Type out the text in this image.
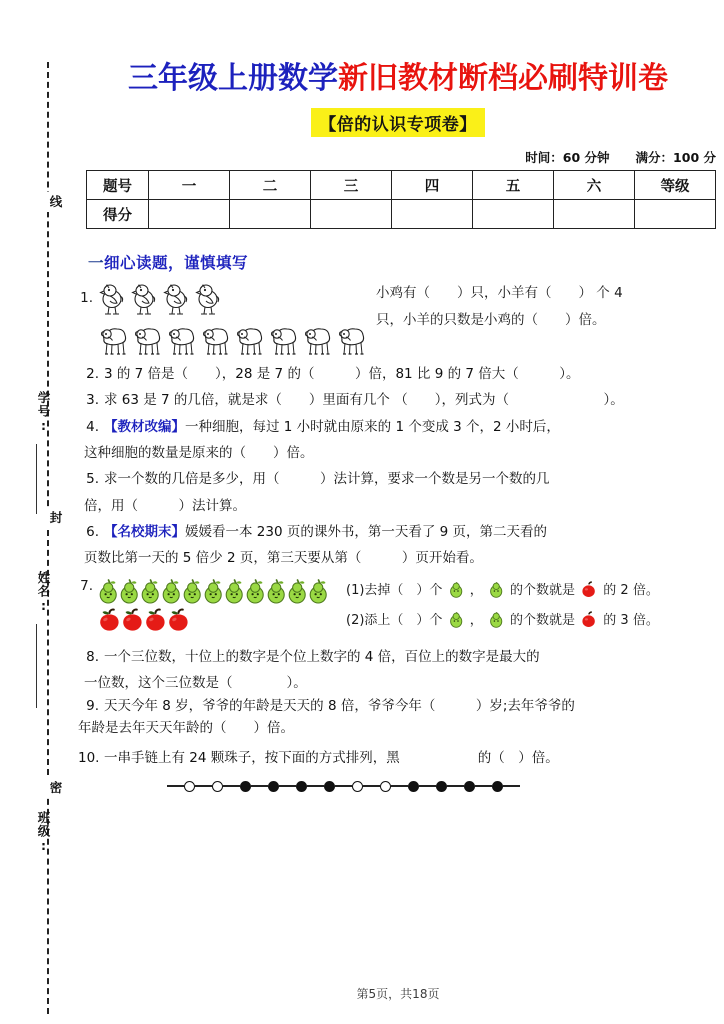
线
封
密
学号:
姓名:
班级:
三年级上册数学新旧教材断档必刷特训卷
【倍的认识专项卷】
时间：60 分钟 满分：100 分
题号	一	二	三	四	五	六	等级
得分							
一细心读题，谨慎填写
1.	小鸡有（　　）只，小羊有（　　） 个 4
只，小羊的只数是小鸡的（　　）倍。
2. 3 的 7 倍是（　　），28 是 7 的（　　　）倍，81 比 9 的 7 倍大（　　　）。
3. 求 63 是 7 的几倍，就是求（　　）里面有几个 （　　），列式为（　　　　　　　）。
4. 【教材改编】一种细胞，每过 1 小时就由原来的 1 个变成 3 个，2 小时后，
这种细胞的数量是原来的（　　）倍。
5. 求一个数的几倍是多少，用（　　　）法计算，要求一个数是另一个数的几
倍，用（　　　）法计算。
6. 【名校期末】媛媛看一本 230 页的课外书，第一天看了 9 页，第二天看的
页数比第一天的 5 倍少 2 页，第三天要从第（　　　）页开始看。
7.	(1)去掉（　）个 ， 的个数就是 的 2 倍。
(2)添上（　）个 ， 的个数就是 的 3 倍。
8. 一个三位数，十位上的数字是个位上数字的 4 倍，百位上的数字是最大的
一位数，这个三位数是（　　　　）。
9. 天天今年 8 岁，爷爷的年龄是天天的 8 倍，爷爷今年（　　　）岁;去年爷爷的
年龄是去年天天年龄的（　　）倍。
10. 一串手链上有 24 颗珠子，按下面的方式排列，黑	的（　）倍。
第5页，共18页
